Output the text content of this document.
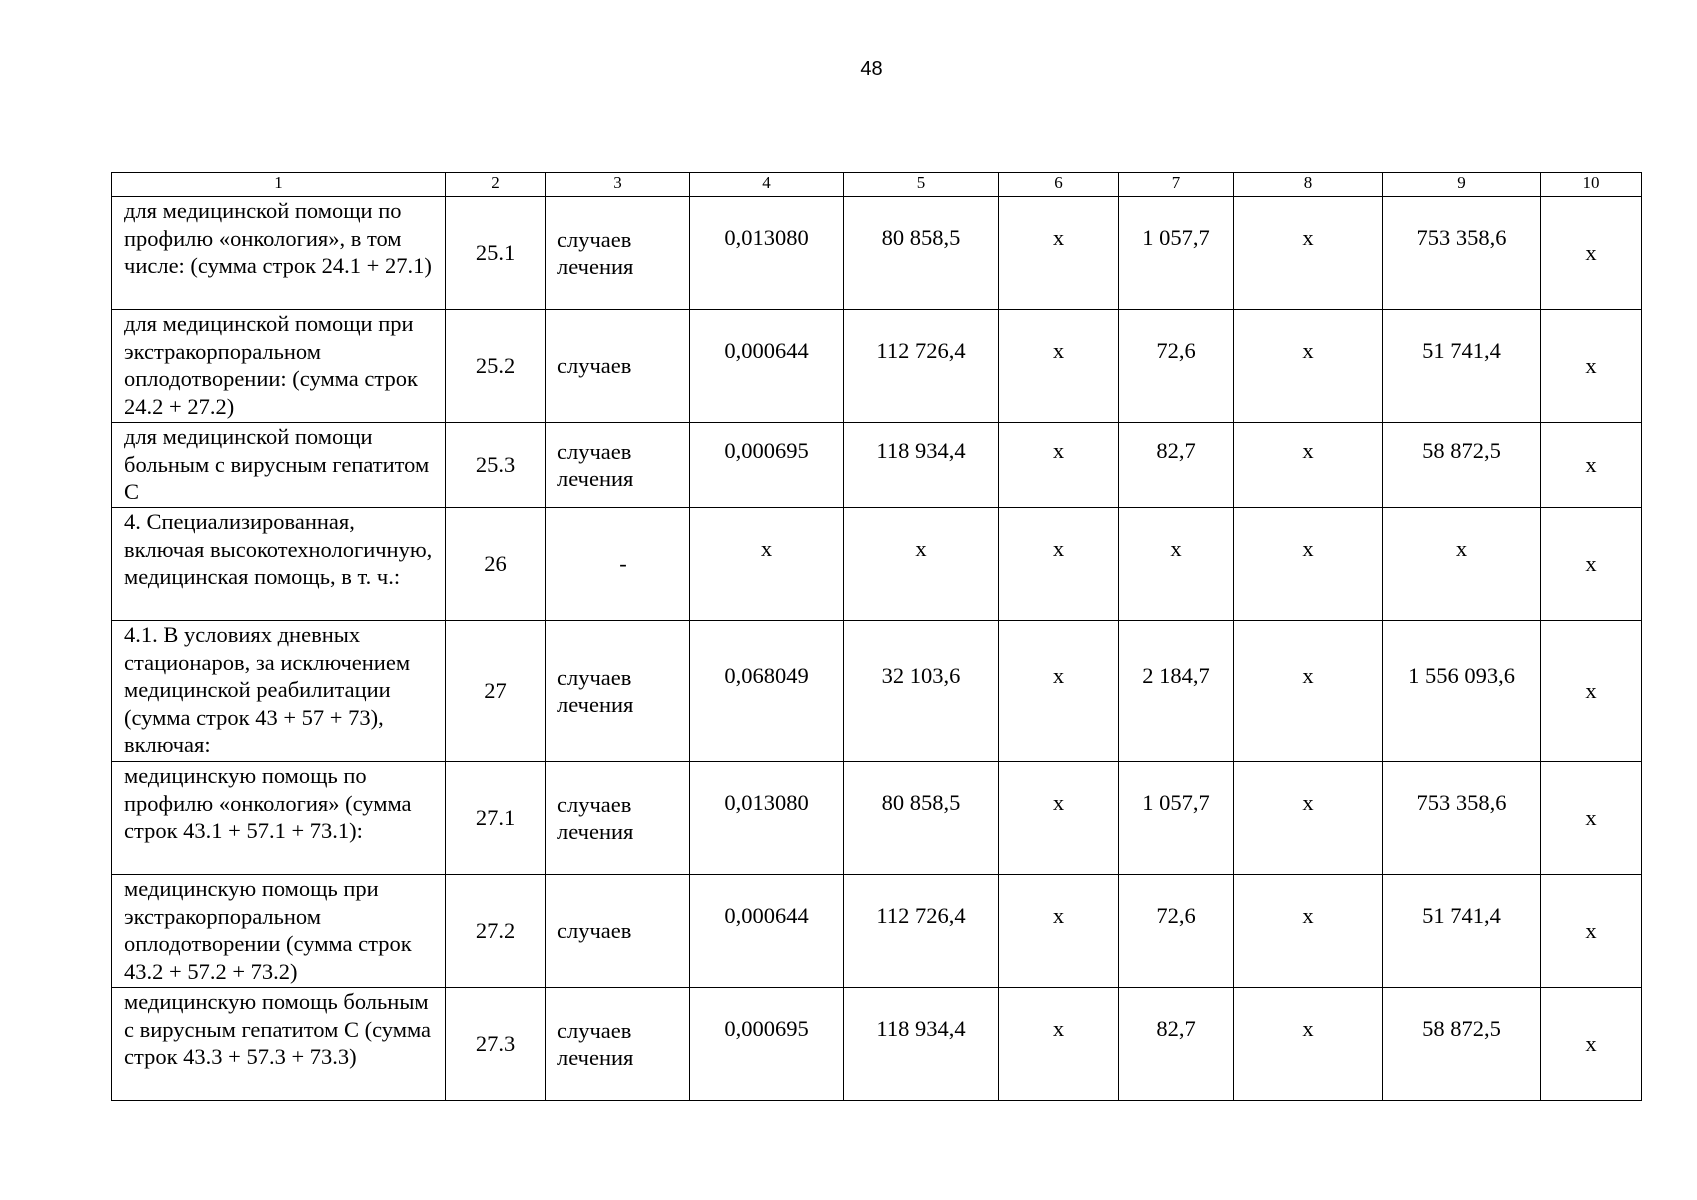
48
1	2	3	4	5	6	7	8	9	10
для медицинской помощи по профилю «онкология», в том числе: (сумма строк 24.1 + 27.1)	25.1	случаев лечения	0,013080	80 858,5	х	1 057,7	х	753 358,6	х
для медицинской помощи при экстракорпоральном оплодотворении: (сумма строк 24.2 + 27.2)	25.2	случаев	0,000644	112 726,4	х	72,6	х	51 741,4	х
для медицинской помощи больным с вирусным гепатитом С	25.3	случаев лечения	0,000695	118 934,4	х	82,7	х	58 872,5	х
4. Специализированная, включая высокотехнологичную, медицинская помощь, в т. ч.:	26	-	х	х	х	х	х	х	х
4.1. В условиях дневных стационаров, за исключением медицинской реабилитации (сумма строк 43 + 57 + 73), включая:	27	случаев лечения	0,068049	32 103,6	х	2 184,7	х	1 556 093,6	х
медицинскую помощь по профилю «онкология» (сумма строк 43.1 + 57.1 + 73.1):	27.1	случаев лечения	0,013080	80 858,5	х	1 057,7	х	753 358,6	х
медицинскую помощь при экстракорпоральном оплодотворении (сумма строк 43.2 + 57.2 + 73.2)	27.2	случаев	0,000644	112 726,4	х	72,6	х	51 741,4	х
медицинскую помощь больным с вирусным гепатитом С (сумма строк 43.3 + 57.3 + 73.3)	27.3	случаев лечения	0,000695	118 934,4	х	82,7	х	58 872,5	х
